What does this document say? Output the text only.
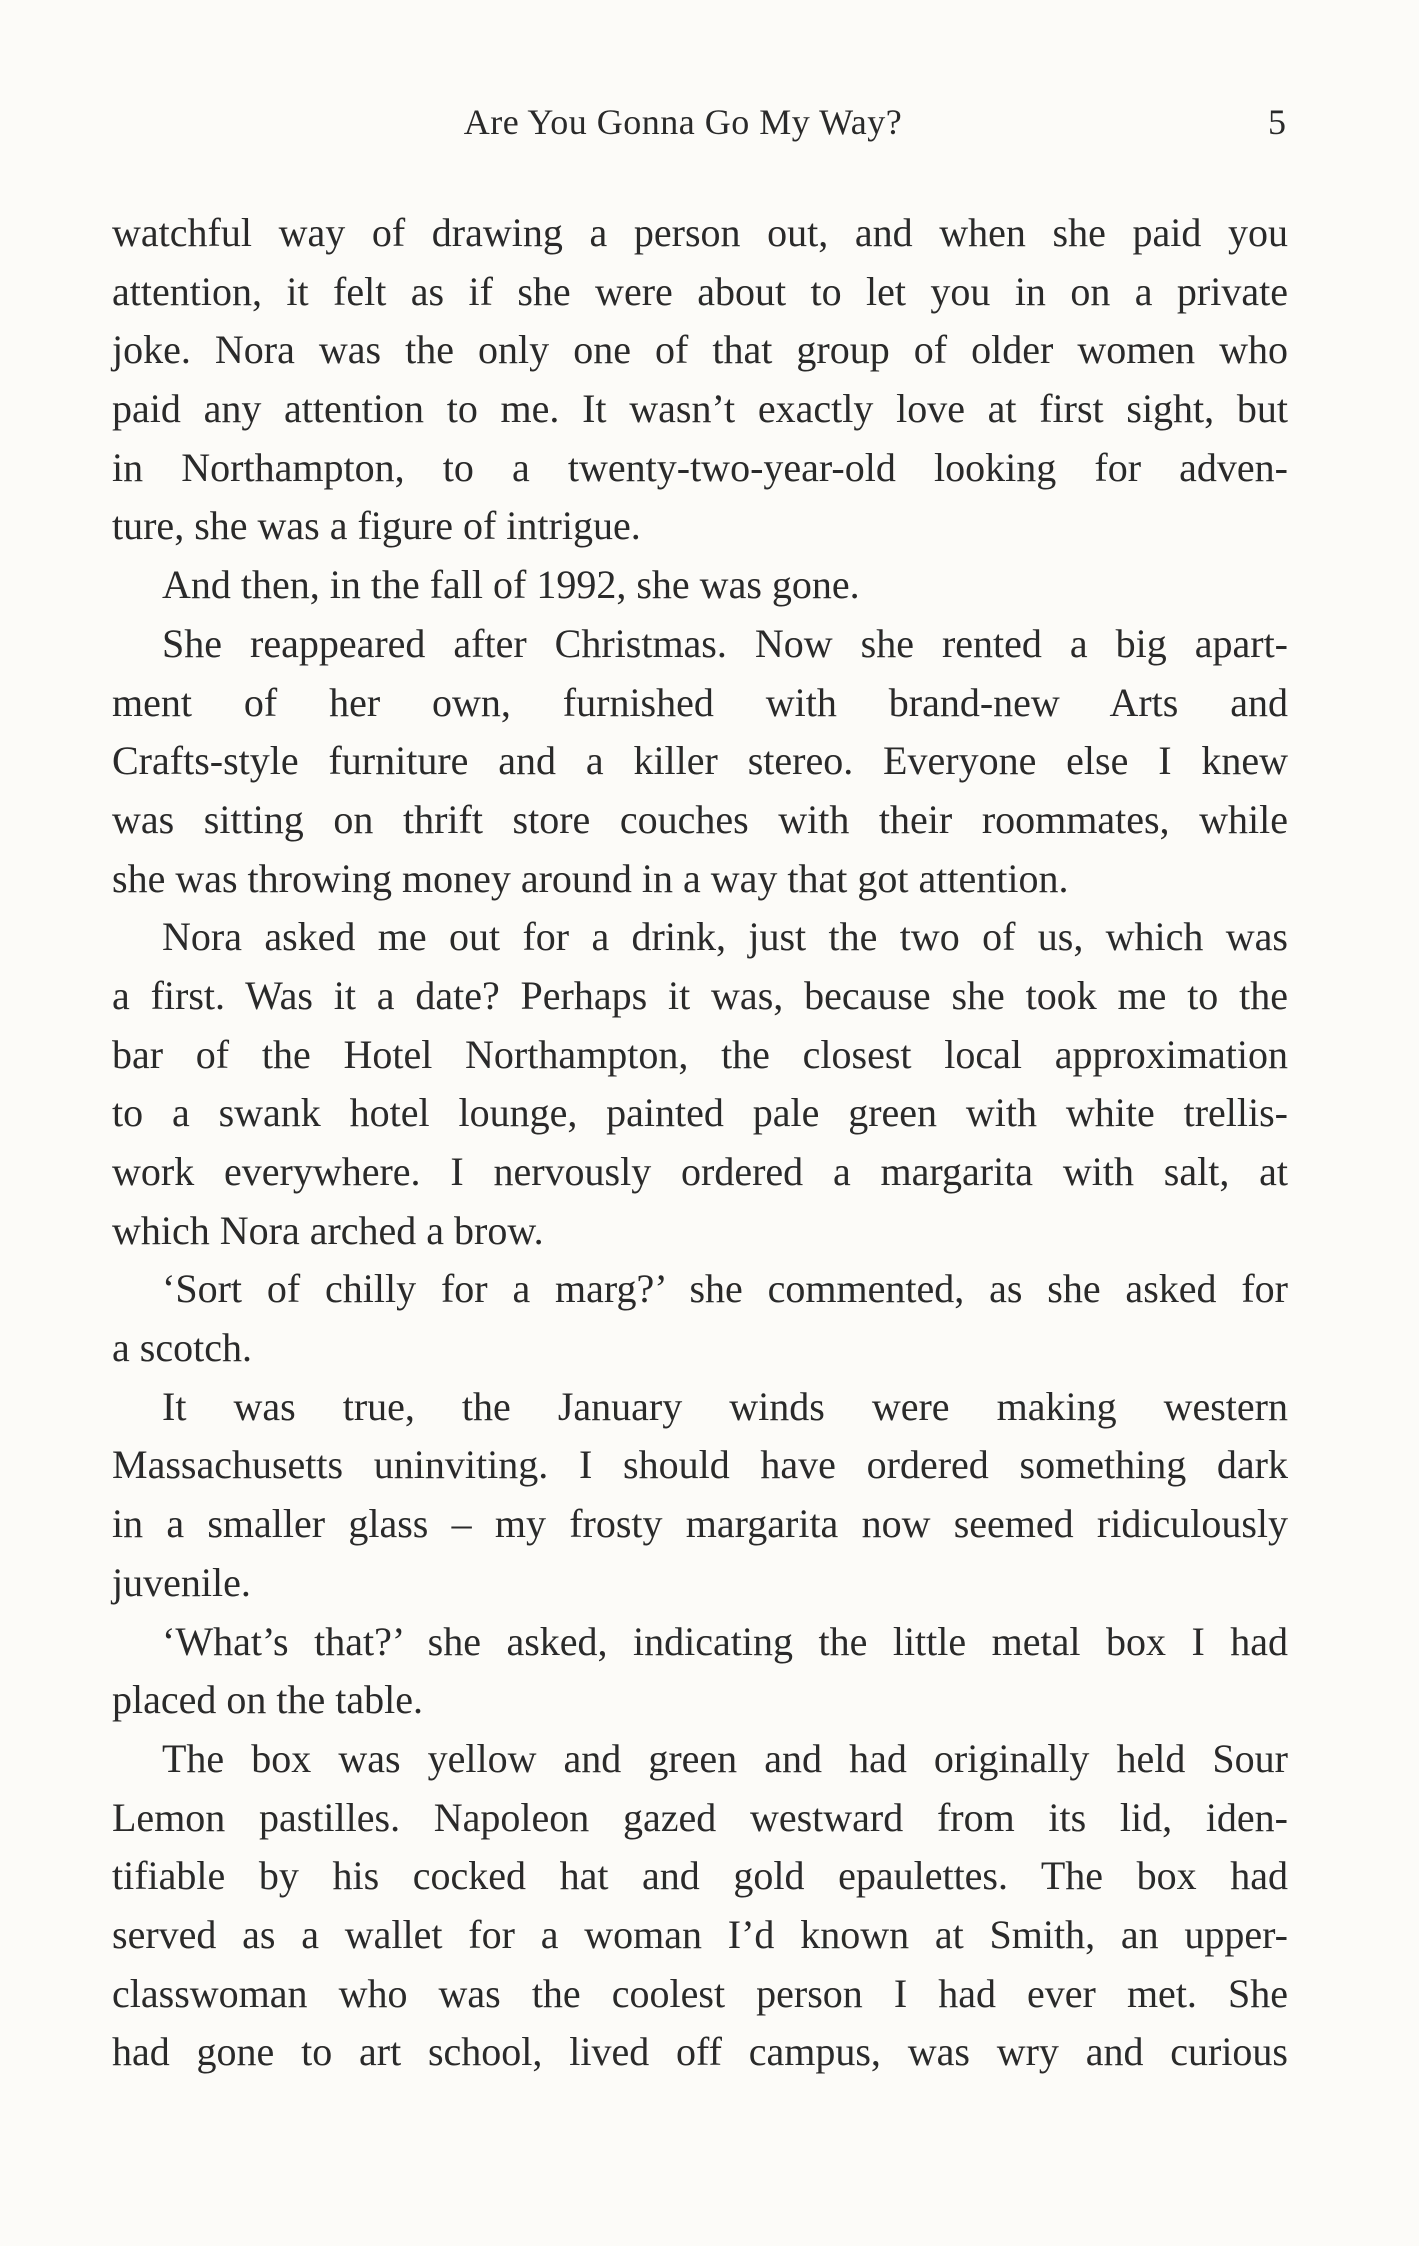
Are You Gonna Go My Way?	5
watchful way of drawing a person out, and when she paid you
attention, it felt as if she were about to let you in on a private
joke. Nora was the only one of that group of older women who
paid any attention to me. It wasn’t exactly love at first sight, but
in Northampton, to a twenty-two-year-old looking for adven-
ture, she was a figure of intrigue.
And then, in the fall of 1992, she was gone.
She reappeared after Christmas. Now she rented a big apart-
ment of her own, furnished with brand-new Arts and
Crafts-style furniture and a killer stereo. Everyone else I knew
was sitting on thrift store couches with their roommates, while
she was throwing money around in a way that got attention.
Nora asked me out for a drink, just the two of us, which was
a first. Was it a date? Perhaps it was, because she took me to the
bar of the Hotel Northampton, the closest local approximation
to a swank hotel lounge, painted pale green with white trellis-
work everywhere. I nervously ordered a margarita with salt, at
which Nora arched a brow.
‘Sort of chilly for a marg?’ she commented, as she asked for
a scotch.
It was true, the January winds were making western
Massachusetts uninviting. I should have ordered something dark
in a smaller glass – my frosty margarita now seemed ridiculously
juvenile.
‘What’s that?’ she asked, indicating the little metal box I had
placed on the table.
The box was yellow and green and had originally held Sour
Lemon pastilles. Napoleon gazed westward from its lid, iden-
tifiable by his cocked hat and gold epaulettes. The box had
served as a wallet for a woman I’d known at Smith, an upper-
classwoman who was the coolest person I had ever met. She
had gone to art school, lived off campus, was wry and curious
